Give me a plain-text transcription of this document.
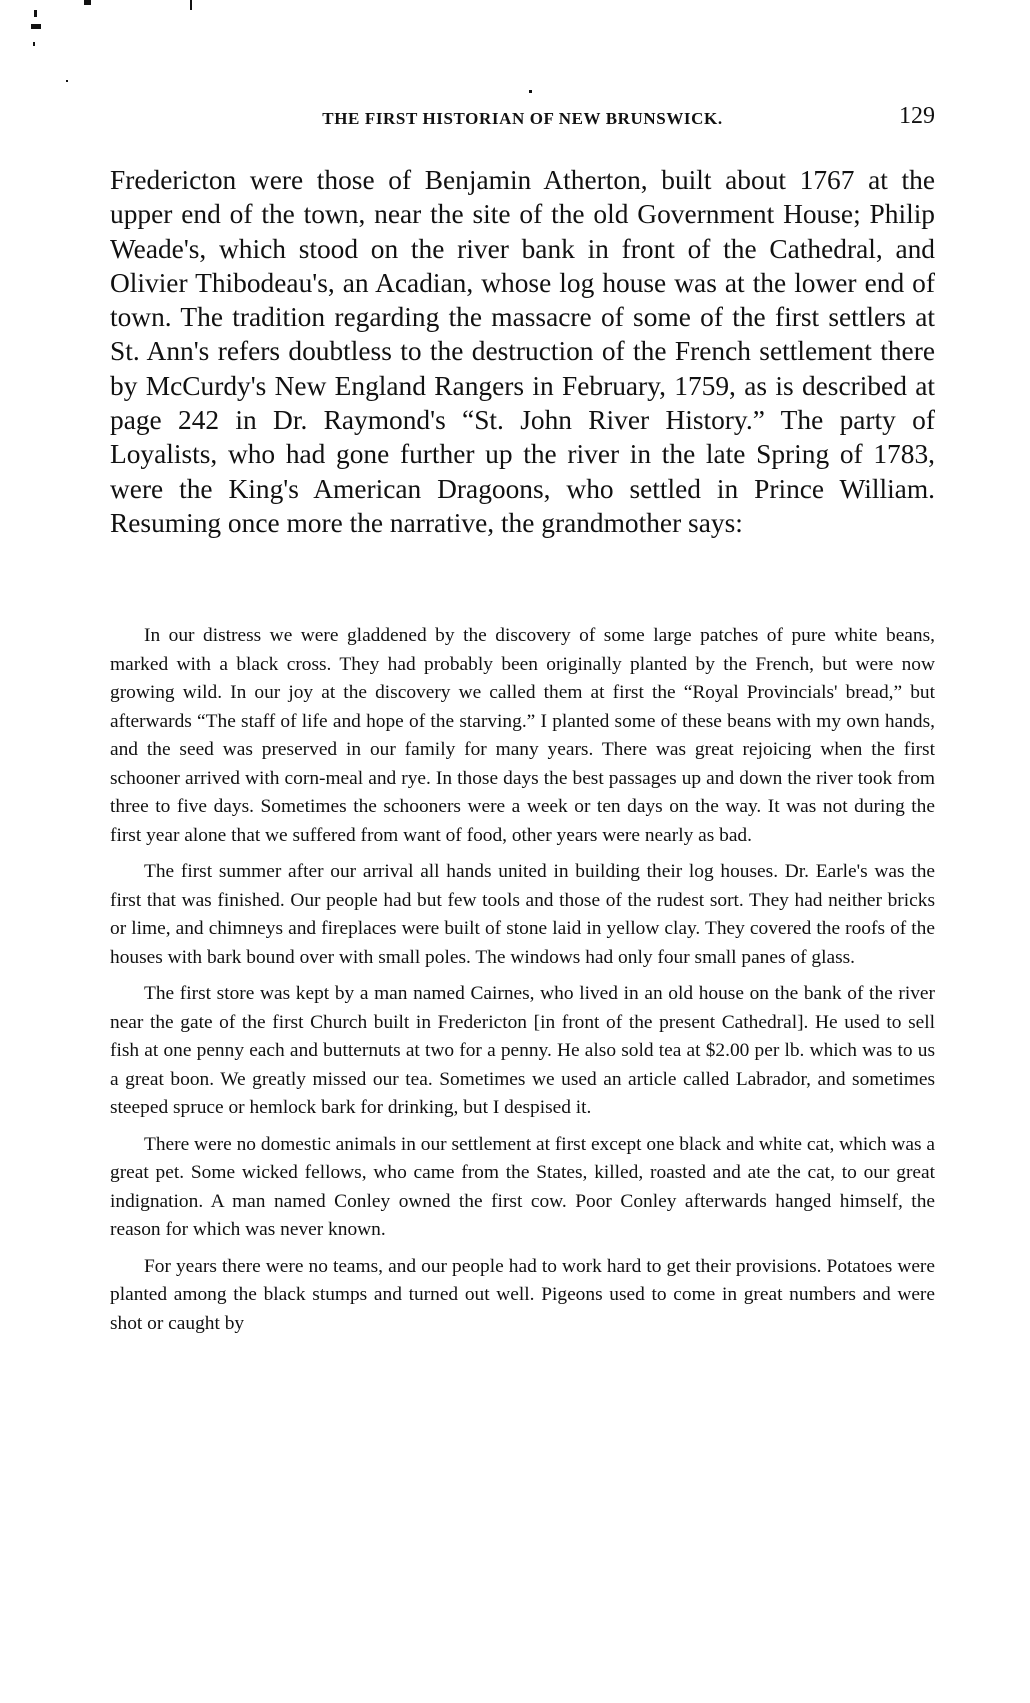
THE FIRST HISTORIAN OF NEW BRUNSWICK.	129

Fredericton were those of Benjamin Atherton, built about 1767 at the upper end of the town, near the site of the old Government House; Philip Weade's, which stood on the river bank in front of the Cathedral, and Olivier Thibodeau's, an Acadian, whose log house was at the lower end of town. The tradition regarding the massacre of some of the first settlers at St. Ann's refers doubtless to the destruction of the French settlement there by McCurdy's New England Rangers in February, 1759, as is described at page 242 in Dr. Raymond's “St. John River History.” The party of Loyalists, who had gone further up the river in the late Spring of 1783, were the King's American Dragoons, who settled in Prince William. Resuming once more the narrative, the grandmother says:

In our distress we were gladdened by the discovery of some large patches of pure white beans, marked with a black cross. They had probably been originally planted by the French, but were now growing wild. In our joy at the discovery we called them at first the “Royal Provincials' bread,” but afterwards “The staff of life and hope of the starving.” I planted some of these beans with my own hands, and the seed was preserved in our family for many years. There was great rejoicing when the first schooner arrived with corn-meal and rye. In those days the best passages up and down the river took from three to five days. Sometimes the schooners were a week or ten days on the way. It was not during the first year alone that we suffered from want of food, other years were nearly as bad.

The first summer after our arrival all hands united in building their log houses. Dr. Earle's was the first that was finished. Our people had but few tools and those of the rudest sort. They had neither bricks or lime, and chimneys and fireplaces were built of stone laid in yellow clay. They covered the roofs of the houses with bark bound over with small poles. The windows had only four small panes of glass.

The first store was kept by a man named Cairnes, who lived in an old house on the bank of the river near the gate of the first Church built in Fredericton [in front of the present Cathedral]. He used to sell fish at one penny each and butternuts at two for a penny. He also sold tea at $2.00 per lb. which was to us a great boon. We greatly missed our tea. Sometimes we used an article called Labrador, and sometimes steeped spruce or hemlock bark for drinking, but I despised it.

There were no domestic animals in our settlement at first except one black and white cat, which was a great pet. Some wicked fellows, who came from the States, killed, roasted and ate the cat, to our great indignation. A man named Conley owned the first cow. Poor Conley afterwards hanged himself, the reason for which was never known.

For years there were no teams, and our people had to work hard to get their provisions. Potatoes were planted among the black stumps and turned out well. Pigeons used to come in great numbers and were shot or caught by
